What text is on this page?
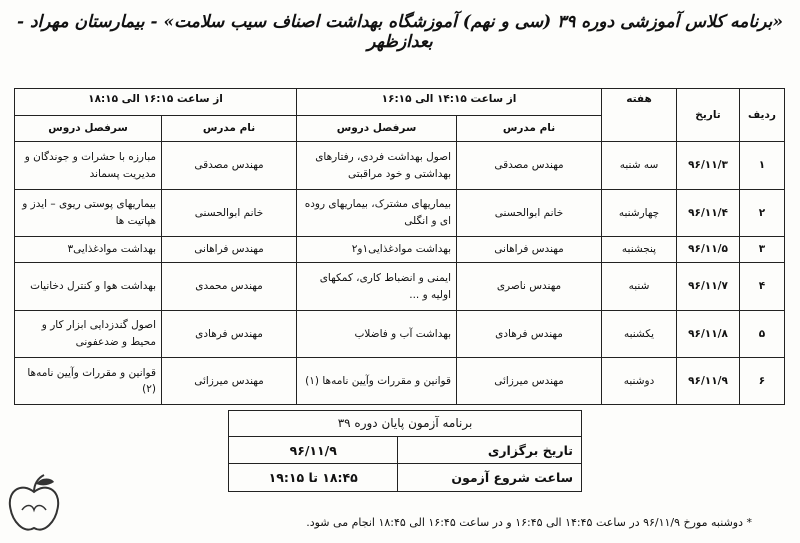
«برنامه کلاس آموزشی دوره ۳۹ (سی و نهم) آموزشگاه بهداشت اصناف سیب سلامت» - بیمارستان مهراد - بعدازظهر
ردیف	تاریخ	هفته	از ساعت ۱۴:۱۵ الی ۱۶:۱۵		از ساعت ۱۶:۱۵ الی ۱۸:۱۵	
			نام مدرس	سرفصل دروس	نام مدرس	سرفصل دروس
۱	۹۶/۱۱/۳	سه شنبه	مهندس مصدقی	اصول بهداشت فردی، رفتارهای بهداشتی و خود مراقبتی	مهندس مصدقی	مبارزه با حشرات و جوندگان و مدیریت پسماند
۲	۹۶/۱۱/۴	چهارشنبه	خانم ابوالحسنی	بیماریهای مشترک، بیماریهای روده ای و انگلی	خانم ابوالحسنی	بیماریهای پوستی ریوی – ایدز و هپاتیت ها
۳	۹۶/۱۱/۵	پنجشنبه	مهندس فراهانی	بهداشت موادغذایی۱و۲	مهندس فراهانی	بهداشت موادغذایی۳
۴	۹۶/۱۱/۷	شنبه	مهندس ناصری	ایمنی و انضباط کاری، کمکهای اولیه و ...	مهندس محمدی	بهداشت هوا و کنترل دخانیات
۵	۹۶/۱۱/۸	یکشنبه	مهندس فرهادی	بهداشت آب و فاضلاب	مهندس فرهادی	اصول گندزدایی ابزار کار و محیط و ضدعفونی
۶	۹۶/۱۱/۹	دوشنبه	مهندس میرزائی	قوانین و مقررات وآیین نامه‌ها (۱)	مهندس میرزائی	قوانین و مقررات وآیین نامه‌ها (۲)
برنامه آزمون پایان دوره ۳۹	
تاریخ برگزاری	۹۶/۱۱/۹
ساعت شروع آزمون	۱۸:۴۵ تا ۱۹:۱۵
* دوشنبه مورخ ۹۶/۱۱/۹ در ساعت ۱۴:۴۵ الی ۱۶:۴۵ و در ساعت ۱۶:۴۵ الی ۱۸:۴۵ انجام می شود.
